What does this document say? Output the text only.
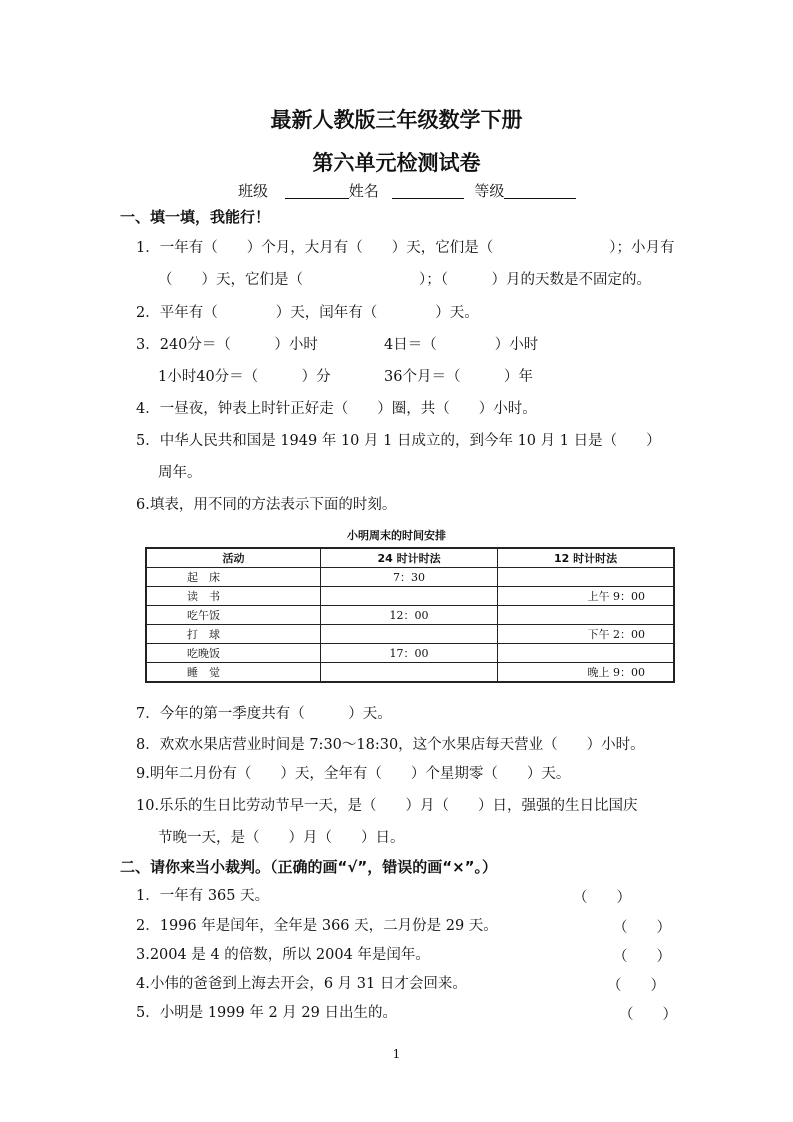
最新人教版三年级数学下册
第六单元检测试卷
班级	姓名	等级
一、填一填，我能行！
1．一年有（　　）个月，大月有（　　）天，它们是（　　　　　　　　）；小月有
（　　）天，它们是（　　　　　　　　）；（　　　）月的天数是不固定的。
2．平年有（　　　　）天，闰年有（　　　　）天。
3．240分＝（　　　）小时	4日＝（　　　　）小时
1小时40分＝（　　　）分	36个月＝（　　　）年
4．一昼夜，钟表上时针正好走（　　）圈，共（　　）小时。
5．中华人民共和国是 1949 年 10 月 1 日成立的，到今年 10 月 1 日是（　　）
周年。
6.填表，用不同的方法表示下面的时刻。
小明周末的时间安排
活动	24 时计时法	12 时计时法
起　床	7：30	
读　书		上午 9：00
吃午饭	12：00	
打　球		下午 2：00
吃晚饭	17：00	
睡　觉		晚上 9：00
7．今年的第一季度共有（　　　）天。
8．欢欢水果店营业时间是 7:30～18:30，这个水果店每天营业（　　）小时。
9.明年二月份有（　　）天，全年有（　　）个星期零（　　）天。
10.乐乐的生日比劳动节早一天，是（　　）月（　　）日，强强的生日比国庆
节晚一天，是（　　）月（　　）日。
二、请你来当小裁判。（正确的画“√”，错误的画“×”。）
1．一年有 365 天。	（　　）
2．1996 年是闰年，全年是 366 天，二月份是 29 天。	（　　）
3.2004 是 4 的倍数，所以 2004 年是闰年。	（　　）
4.小伟的爸爸到上海去开会，6 月 31 日才会回来。	（　　）
5．小明是 1999 年 2 月 29 日出生的。	（　　）
1
